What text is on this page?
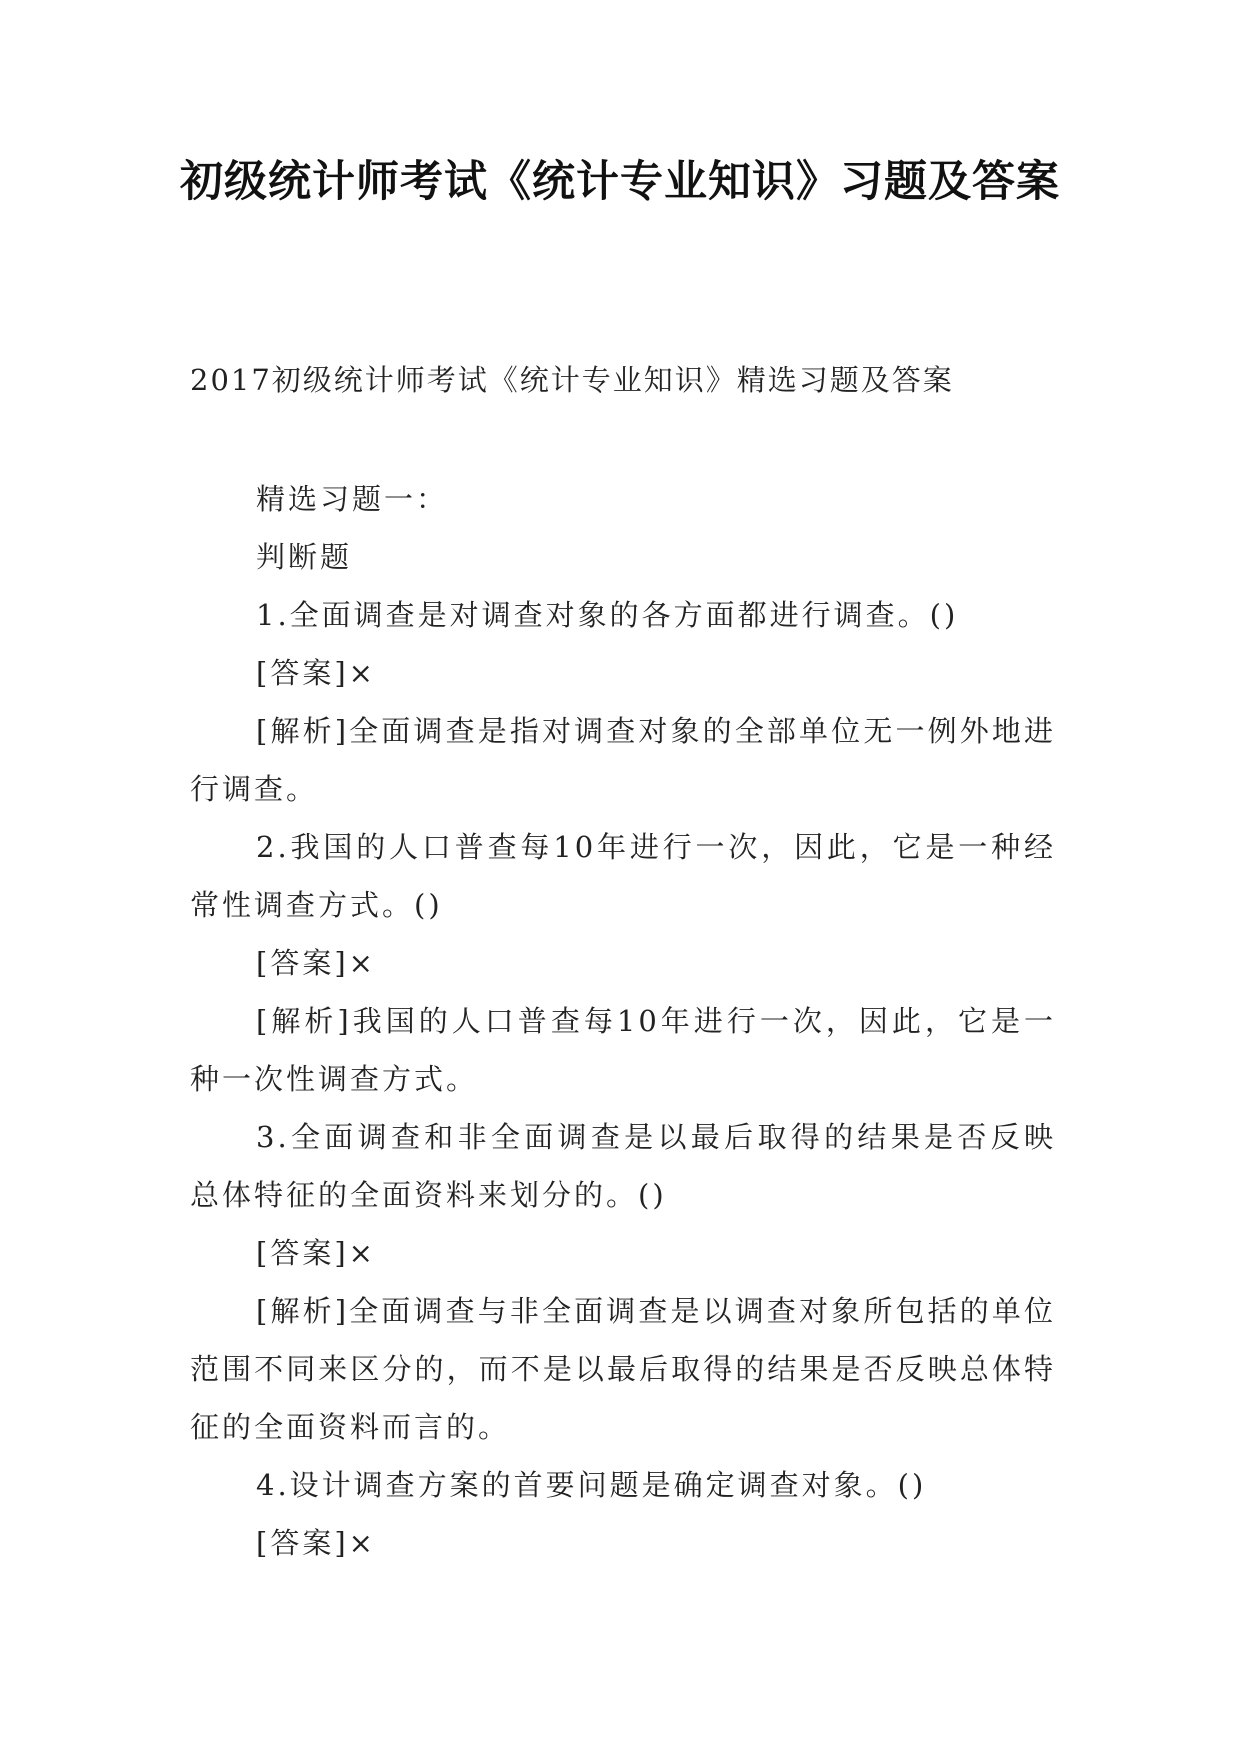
初级统计师考试《统计专业知识》习题及答案
2017初级统计师考试《统计专业知识》精选习题及答案

精选习题一：

判断题

1.全面调查是对调查对象的各方面都进行调查。()

[答案]×

[解析]全面调查是指对调查对象的全部单位无一例外地进行调查。

2.我国的人口普查每10年进行一次，因此，它是一种经常性调查方式。()

[答案]×

[解析]我国的人口普查每10年进行一次，因此，它是一种一次性调查方式。

3.全面调查和非全面调查是以最后取得的结果是否反映总体特征的全面资料来划分的。()

[答案]×

[解析]全面调查与非全面调查是以调查对象所包括的单位范围不同来区分的，而不是以最后取得的结果是否反映总体特征的全面资料而言的。

4.设计调查方案的首要问题是确定调查对象。()

[答案]×
